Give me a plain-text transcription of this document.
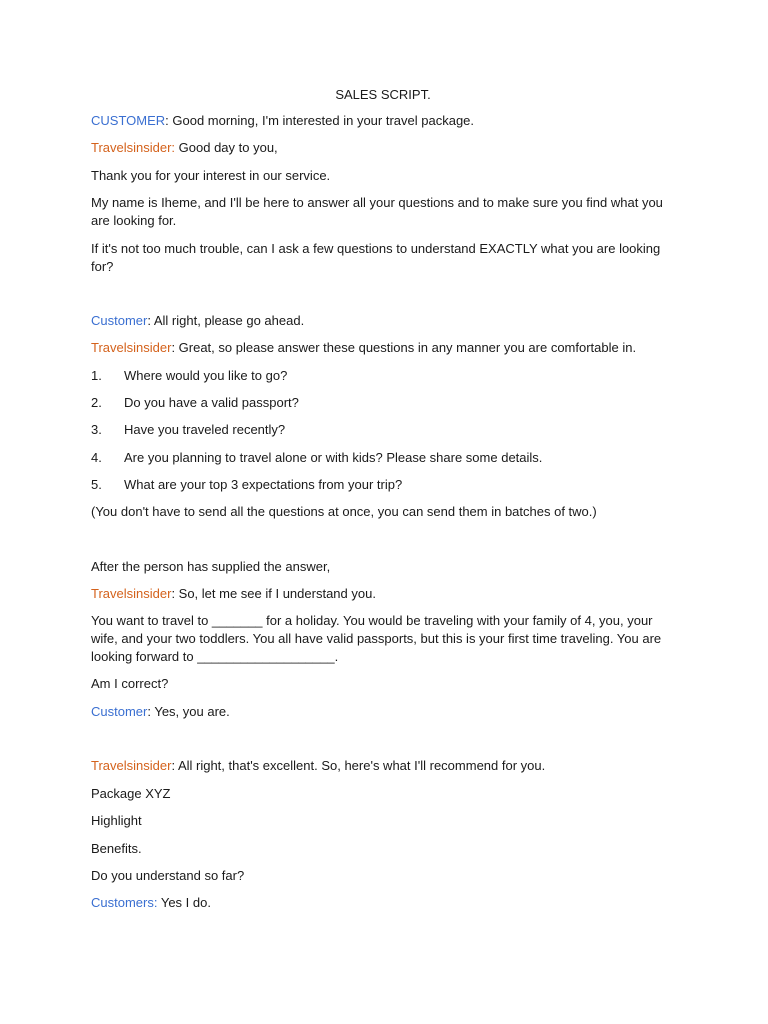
SALES SCRIPT.
CUSTOMER: Good morning, I'm interested in your travel package.
Travelsinsider: Good day to you,
Thank you for your interest in our service.
My name is Iheme, and I'll be here to answer all your questions and to make sure you find what you are looking for.
If it's not too much trouble, can I ask a few questions to understand EXACTLY what you are looking for?
Customer: All right, please go ahead.
Travelsinsider: Great, so please answer these questions in any manner you are comfortable in.
1. Where would you like to go?
2. Do you have a valid passport?
3. Have you traveled recently?
4. Are you planning to travel alone or with kids? Please share some details.
5. What are your top 3 expectations from your trip?
(You don't have to send all the questions at once, you can send them in batches of two.)
After the person has supplied the answer,
Travelsinsider: So, let me see if I understand you.
You want to travel to _______ for a holiday. You would be traveling with your family of 4, you, your wife, and your two toddlers. You all have valid passports, but this is your first time traveling. You are looking forward to ___________________.
Am I correct?
Customer: Yes, you are.
Travelsinsider: All right, that's excellent. So, here's what I'll recommend for you.
Package XYZ
Highlight
Benefits.
Do you understand so far?
Customers: Yes I do.
